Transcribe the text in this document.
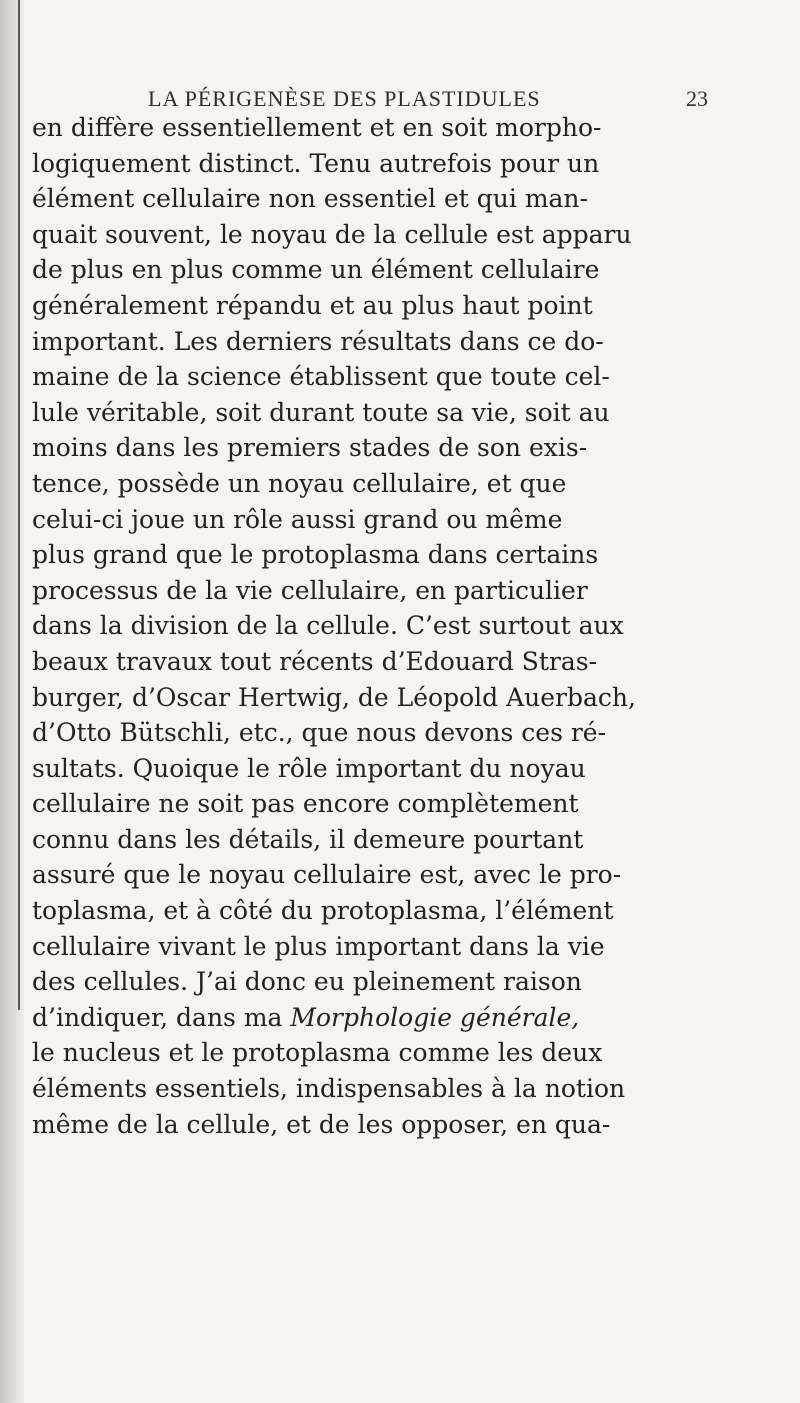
LA PÉRIGENÈSE DES PLASTIDULES	23
en diffère essentiellement et en soit morpho-
logiquement distinct. Tenu autrefois pour un
élément cellulaire non essentiel et qui man-
quait souvent, le noyau de la cellule est apparu
de plus en plus comme un élément cellulaire
généralement répandu et au plus haut point
important. Les derniers résultats dans ce do-
maine de la science établissent que toute cel-
lule véritable, soit durant toute sa vie, soit au
moins dans les premiers stades de son exis-
tence, possède un noyau cellulaire, et que
celui-ci joue un rôle aussi grand ou même
plus grand que le protoplasma dans certains
processus de la vie cellulaire, en particulier
dans la division de la cellule. C’est surtout aux
beaux travaux tout récents d’Edouard Stras-
burger, d’Oscar Hertwig, de Léopold Auerbach,
d’Otto Bütschli, etc., que nous devons ces ré-
sultats. Quoique le rôle important du noyau
cellulaire ne soit pas encore complètement
connu dans les détails, il demeure pourtant
assuré que le noyau cellulaire est, avec le pro-
toplasma, et à côté du protoplasma, l’élément
cellulaire vivant le plus important dans la vie
des cellules. J’ai donc eu pleinement raison
d’indiquer, dans ma Morphologie générale,
le nucleus et le protoplasma comme les deux
éléments essentiels, indispensables à la notion
même de la cellule, et de les opposer, en qua-
